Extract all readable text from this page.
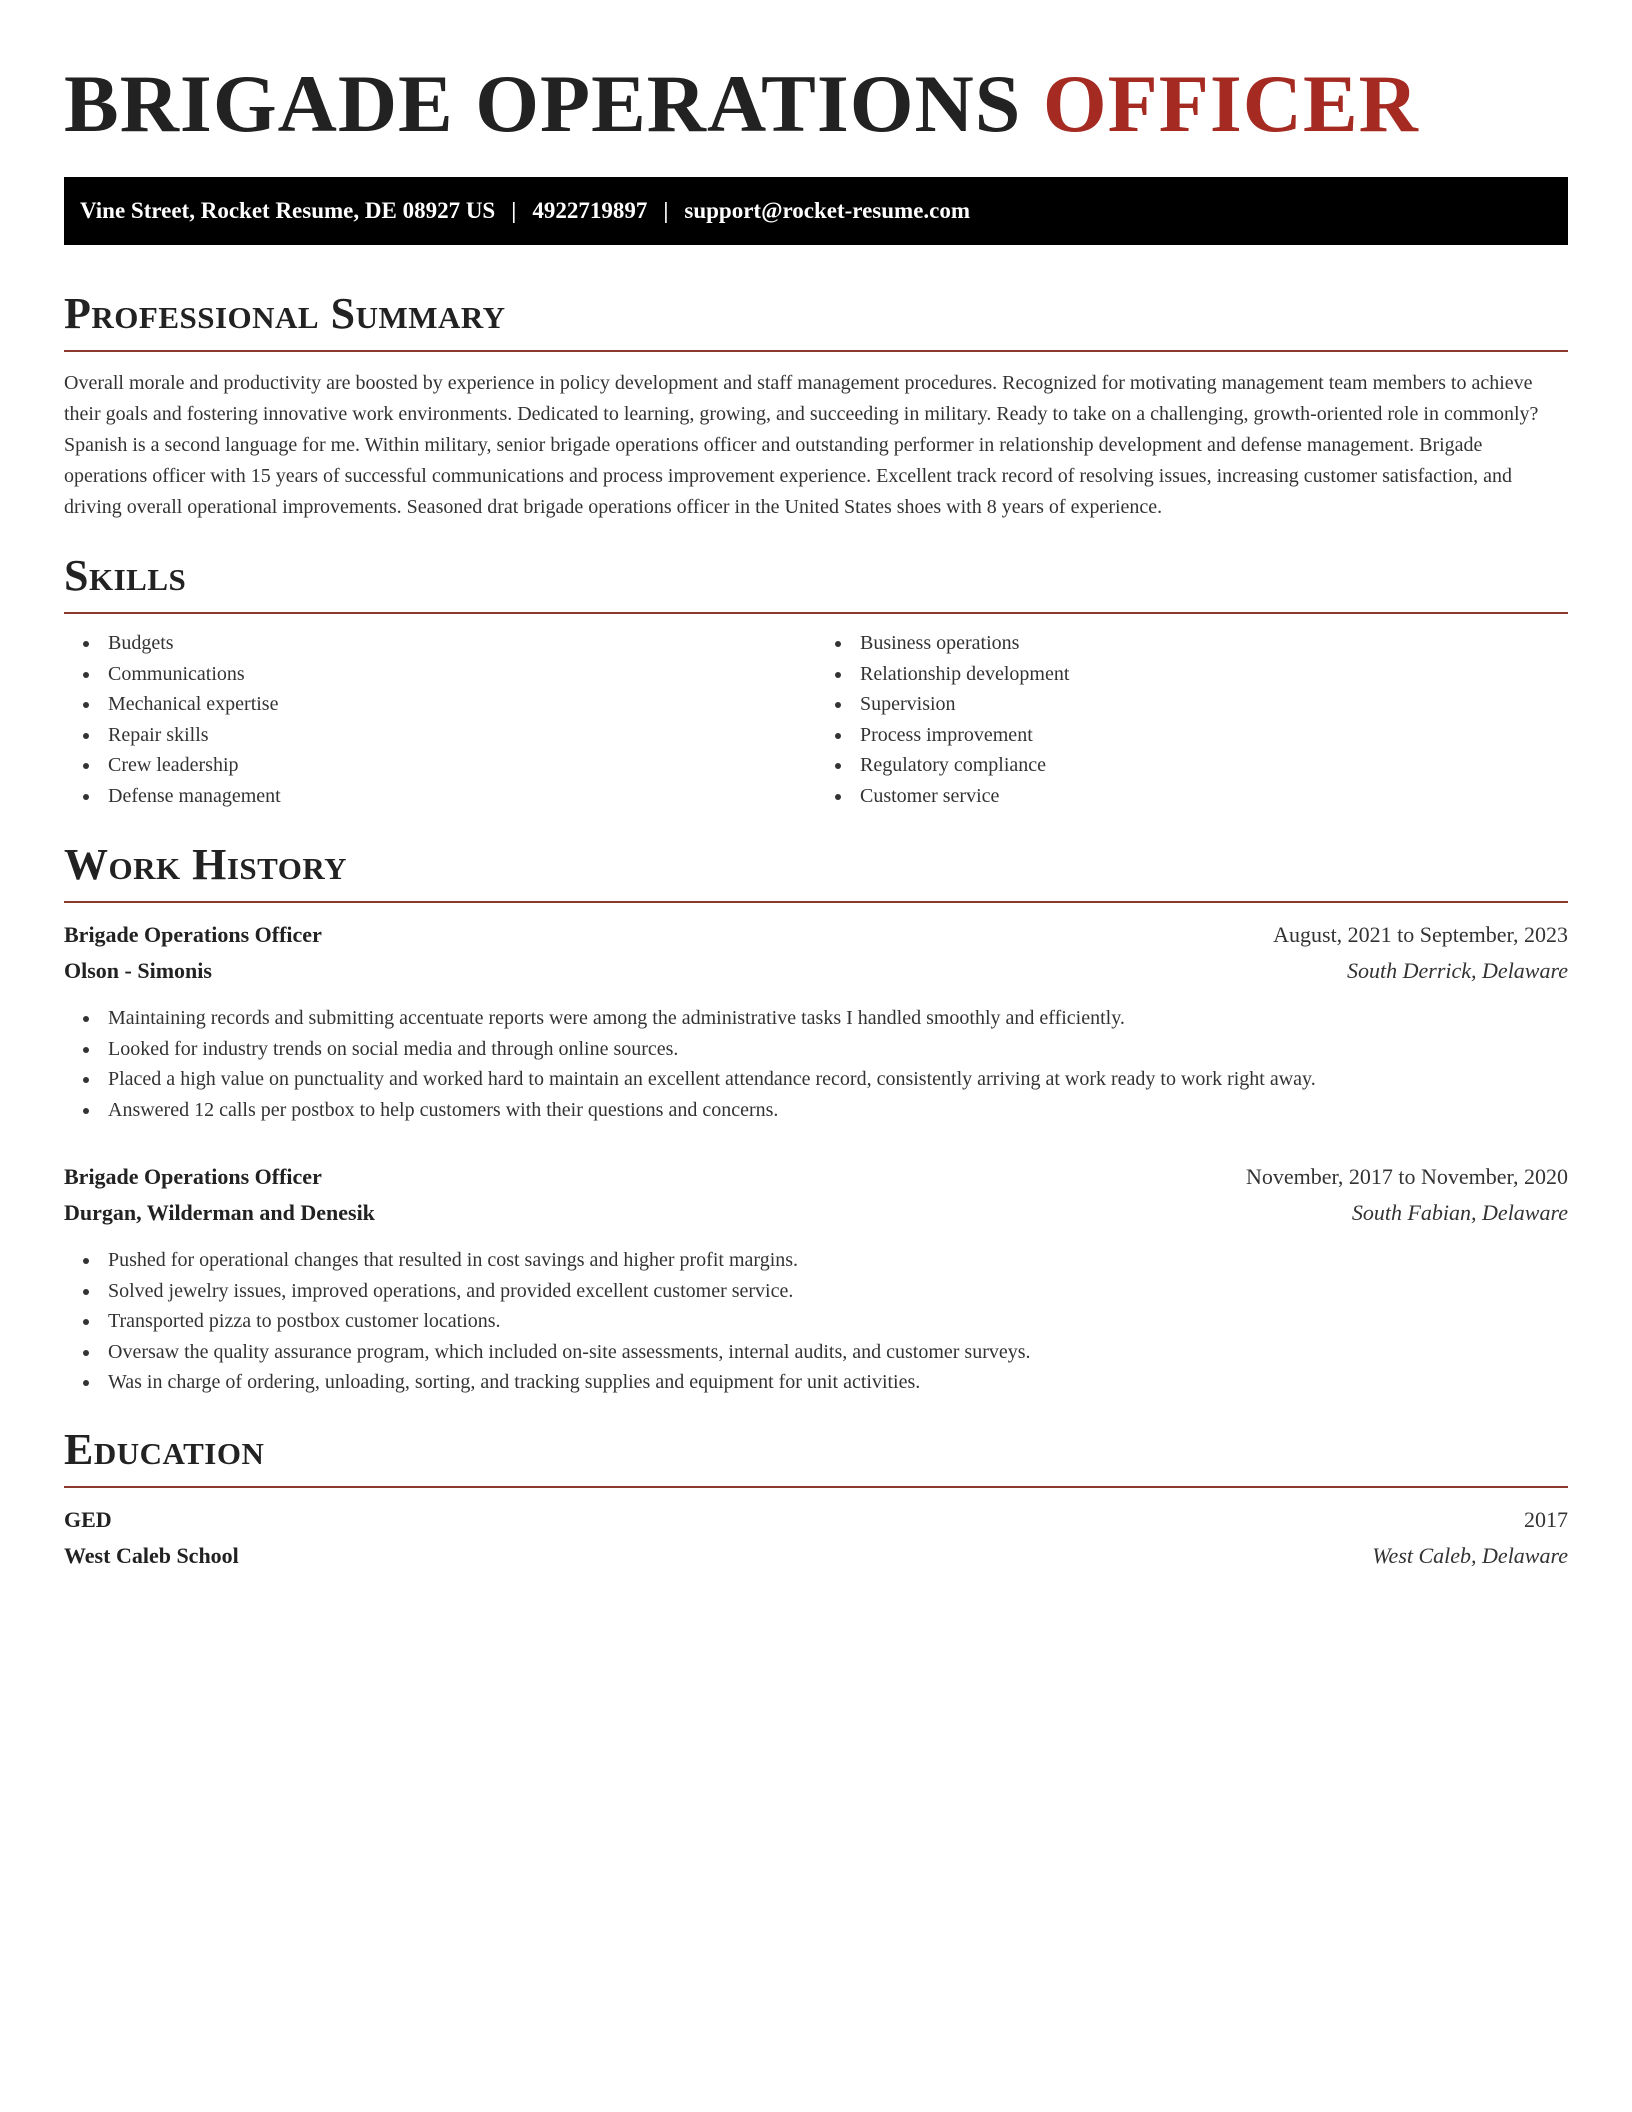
BRIGADE OPERATIONS OFFICER
Vine Street, Rocket Resume, DE 08927 US | 4922719897 | support@rocket-resume.com
Professional Summary

Overall morale and productivity are boosted by experience in policy development and staff management procedures. Recognized for motivating management team members to achieve their goals and fostering innovative work environments. Dedicated to learning, growing, and succeeding in military. Ready to take on a challenging, growth-oriented role in commonly? Spanish is a second language for me. Within military, senior brigade operations officer and outstanding performer in relationship development and defense management. Brigade operations officer with 15 years of successful communications and process improvement experience. Excellent track record of resolving issues, increasing customer satisfaction, and driving overall operational improvements. Seasoned drat brigade operations officer in the United States shoes with 8 years of experience.

Skills
Budgets
Communications
Mechanical expertise
Repair skills
Crew leadership
Defense management
Business operations
Relationship development
Supervision
Process improvement
Regulatory compliance
Customer service
Work History
Brigade Operations Officer	August, 2021 to September, 2023
Olson - Simonis	South Derrick, Delaware
Maintaining records and submitting accentuate reports were among the administrative tasks I handled smoothly and efficiently.
Looked for industry trends on social media and through online sources.
Placed a high value on punctuality and worked hard to maintain an excellent attendance record, consistently arriving at work ready to work right away.
Answered 12 calls per postbox to help customers with their questions and concerns.
Brigade Operations Officer	November, 2017 to November, 2020
Durgan, Wilderman and Denesik	South Fabian, Delaware
Pushed for operational changes that resulted in cost savings and higher profit margins.
Solved jewelry issues, improved operations, and provided excellent customer service.
Transported pizza to postbox customer locations.
Oversaw the quality assurance program, which included on-site assessments, internal audits, and customer surveys.
Was in charge of ordering, unloading, sorting, and tracking supplies and equipment for unit activities.
Education
GED	2017
West Caleb School	West Caleb, Delaware
